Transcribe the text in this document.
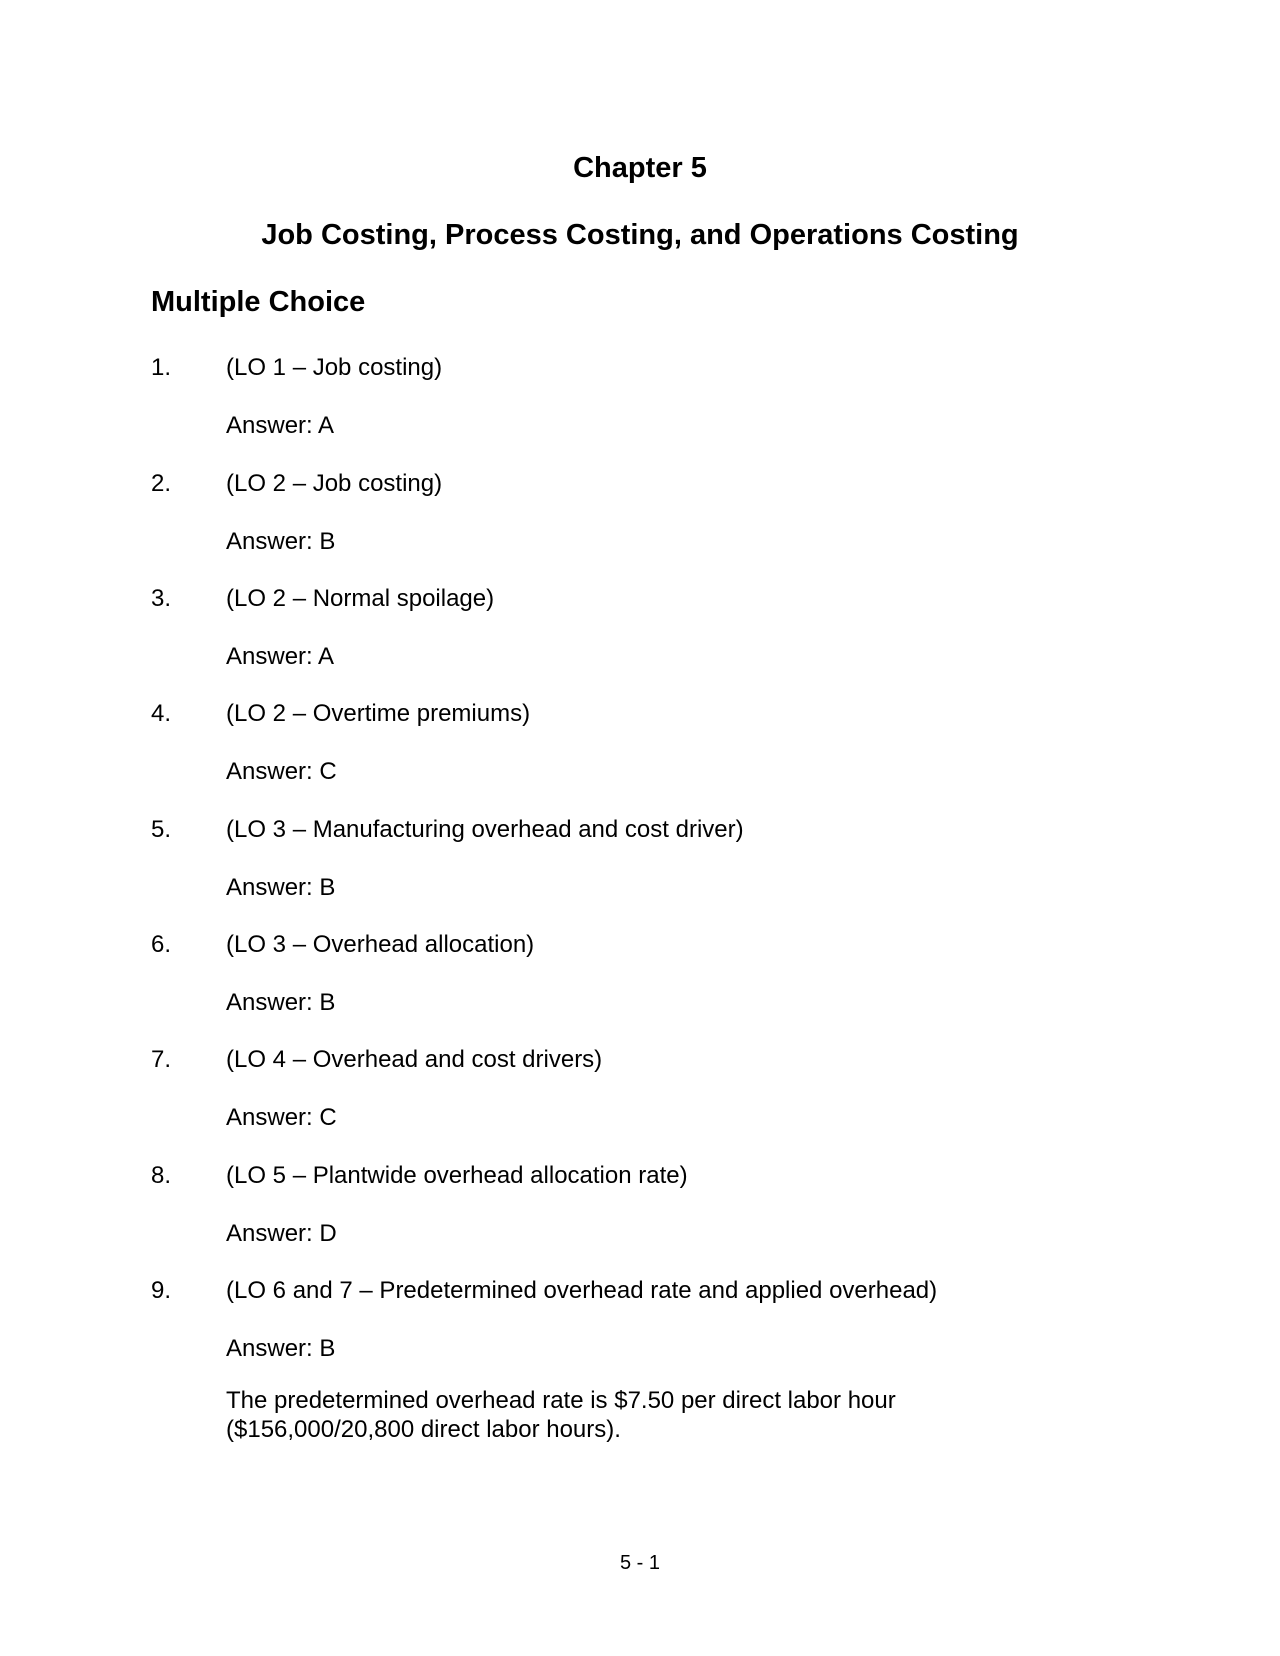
Chapter 5
Job Costing, Process Costing, and Operations Costing
Multiple Choice
1. (LO 1 – Job costing)
Answer: A
2. (LO 2 – Job costing)
Answer: B
3. (LO 2 – Normal spoilage)
Answer: A
4. (LO 2 – Overtime premiums)
Answer: C
5. (LO 3 – Manufacturing overhead and cost driver)
Answer: B
6. (LO 3 – Overhead allocation)
Answer: B
7. (LO 4 – Overhead and cost drivers)
Answer: C
8. (LO 5 – Plantwide overhead allocation rate)
Answer: D
9. (LO 6 and 7 – Predetermined overhead rate and applied overhead)
Answer: B
The predetermined overhead rate is $7.50 per direct labor hour ($156,000/20,800 direct labor hours).
5 - 1
